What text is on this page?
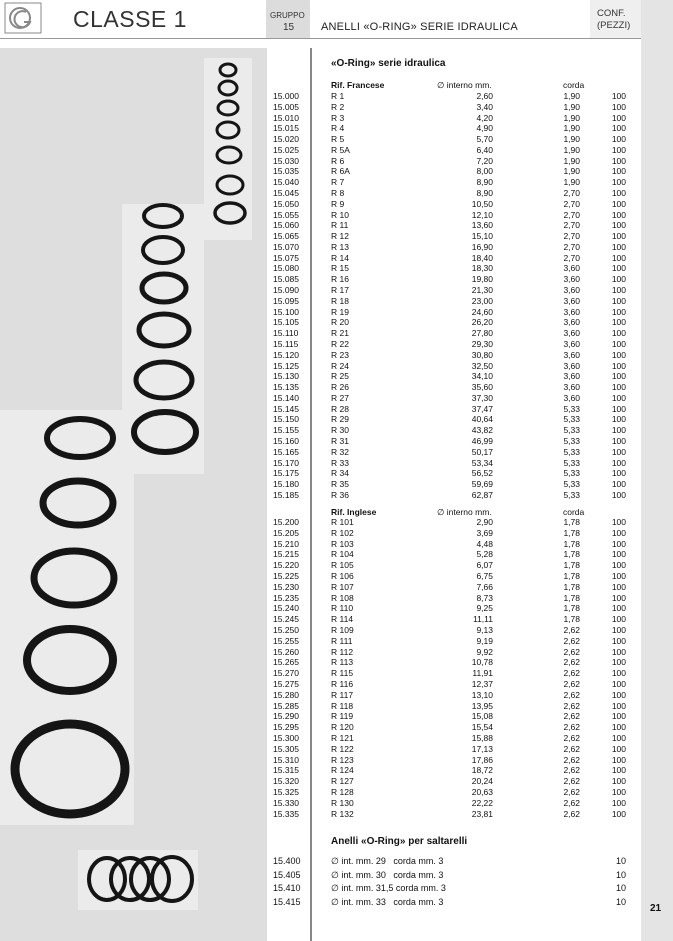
CLASSE 1	GRUPPO
15 ANELLI «O-RING» SERIE IDRAULICA
CONF.
(PEZZI)
«O-Ring» serie idraulica
Rif. Francese	∅ interno mm.	corda
15.000	R 1	2,60	1,90	100
15.005	R 2	3,40	1,90	100
15.010	R 3	4,20	1,90	100
15.015	R 4	4,90	1,90	100
15.020	R 5	5,70	1,90	100
15.025	R 5A	6,40	1,90	100
15.030	R 6	7,20	1,90	100
15.035	R 6A	8,00	1,90	100
15.040	R 7	8,90	1,90	100
15.045	R 8	8,90	2,70	100
15.050	R 9	10,50	2,70	100
15.055	R 10	12,10	2,70	100
15.060	R 11	13,60	2,70	100
15.065	R 12	15,10	2,70	100
15.070	R 13	16,90	2,70	100
15.075	R 14	18,40	2,70	100
15.080	R 15	18,30	3,60	100
15.085	R 16	19,80	3,60	100
15.090	R 17	21,30	3,60	100
15.095	R 18	23,00	3,60	100
15.100	R 19	24,60	3,60	100
15.105	R 20	26,20	3,60	100
15.110	R 21	27,80	3,60	100
15.115	R 22	29,30	3,60	100
15.120	R 23	30,80	3,60	100
15.125	R 24	32,50	3,60	100
15.130	R 25	34,10	3,60	100
15.135	R 26	35,60	3,60	100
15.140	R 27	37,30	3,60	100
15.145	R 28	37,47	5,33	100
15.150	R 29	40,64	5,33	100
15.155	R 30	43,82	5,33	100
15.160	R 31	46,99	5,33	100
15.165	R 32	50,17	5,33	100
15.170	R 33	53,34	5,33	100
15.175	R 34	56,52	5,33	100
15.180	R 35	59,69	5,33	100
15.185	R 36	62,87	5,33	100
Rif. Inglese	∅ interno mm.	corda
15.200	R 101	2,90	1,78	100
15.205	R 102	3,69	1,78	100
15.210	R 103	4,48	1,78	100
15.215	R 104	5,28	1,78	100
15.220	R 105	6,07	1,78	100
15.225	R 106	6,75	1,78	100
15.230	R 107	7,66	1,78	100
15.235	R 108	8,73	1,78	100
15.240	R 110	9,25	1,78	100
15.245	R 114	11,11	1,78	100
15.250	R 109	9,13	2,62	100
15.255	R 111	9,19	2,62	100
15.260	R 112	9,92	2,62	100
15.265	R 113	10,78	2,62	100
15.270	R 115	11,91	2,62	100
15.275	R 116	12,37	2,62	100
15.280	R 117	13,10	2,62	100
15.285	R 118	13,95	2,62	100
15.290	R 119	15,08	2,62	100
15.295	R 120	15,54	2,62	100
15.300	R 121	15,88	2,62	100
15.305	R 122	17,13	2,62	100
15.310	R 123	17,86	2,62	100
15.315	R 124	18,72	2,62	100
15.320	R 127	20,24	2,62	100
15.325	R 128	20,63	2,62	100
15.330	R 130	22,22	2,62	100
15.335	R 132	23,81	2,62	100
Anelli «O-Ring» per saltarelli
15.400	∅ int. mm. 29   corda mm. 3	10
15.405	∅ int. mm. 30   corda mm. 3	10
15.410	∅ int. mm. 31,5 corda mm. 3	10
15.415	∅ int. mm. 33   corda mm. 3	10
21
